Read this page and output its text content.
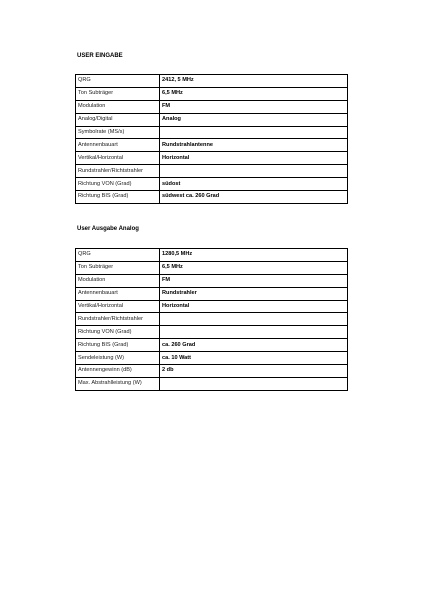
USER EINGABE
QRG	2412, 5 MHz
Ton Subträger	6,5 MHz
Modulation	FM
Analog/Digital	Analog
Symbolrate (MS/s)	
Antennenbauart	Rundstrahlantenne
Vertikal/Horizontal	Horizontal
Rundstrahler/Richtstrahler	
Richtung VON (Grad)	südost
Richtung BIS (Grad)	südwest ca. 260 Grad
User Ausgabe Analog
QRG	1280,5 MHz
Ton Subträger	6,5 MHz
Modulation	FM
Antennenbauart	Rundstrahler
Vertikal/Horizontal	Horizontal
Rundstrahler/Richtstrahler	
Richtung VON (Grad)	
Richtung BIS (Grad)	ca. 260 Grad
Sendeleistung (W)	ca. 10 Watt
Antennengewinn (dB)	2 db
Max. Abstrahlleistung (W)	
